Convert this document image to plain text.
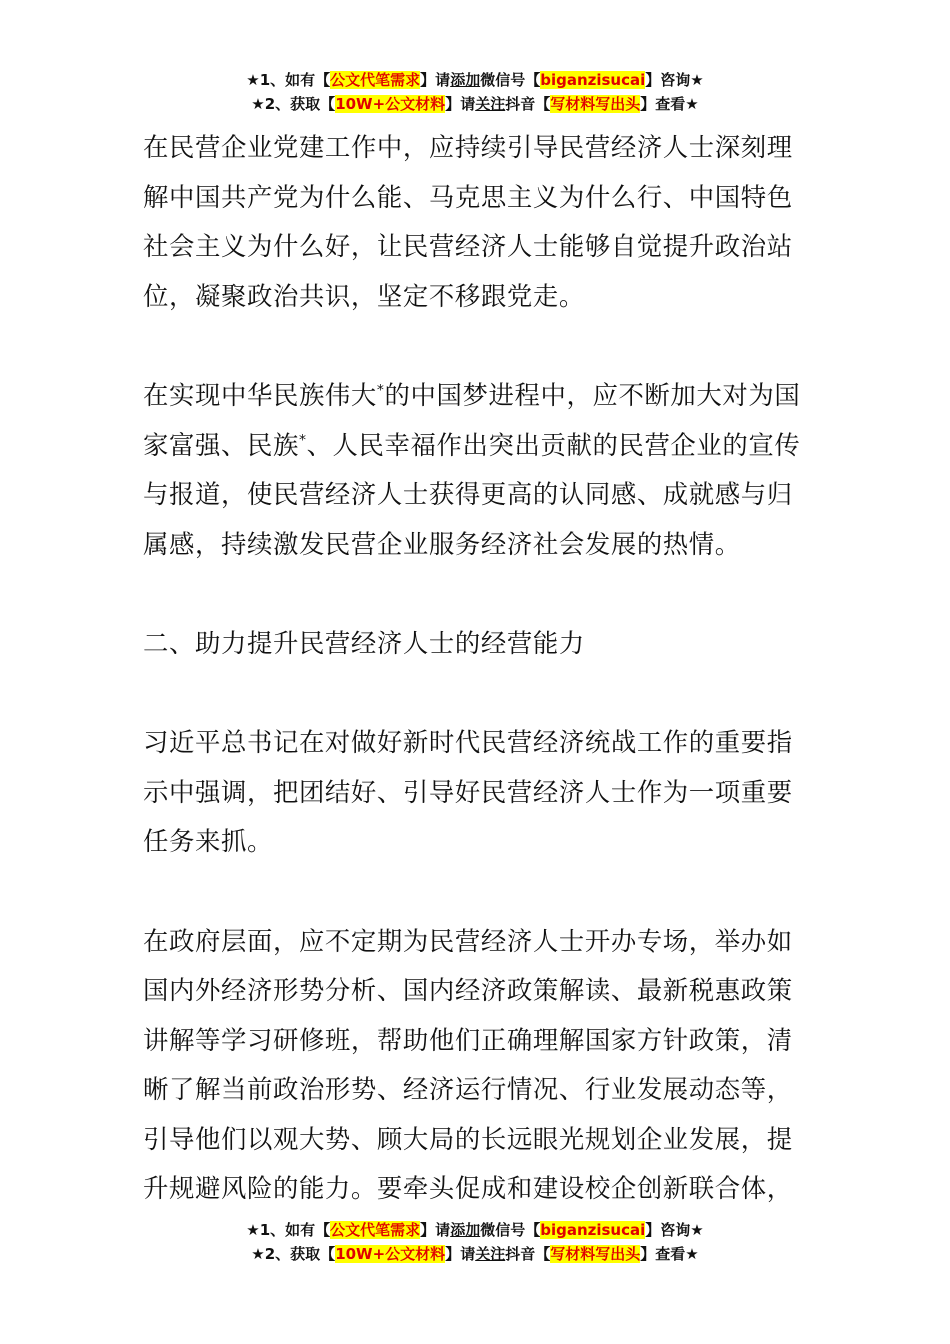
★1、如有【公文代笔需求】请添加微信号【biganzisucai】咨询★
★2、获取【10W+公文材料】请关注抖音【写材料写出头】查看★

在民营企业党建工作中，应持续引导民营经济人士深刻理
解中国共产党为什么能、马克思主义为什么行、中国特色
社会主义为什么好，让民营经济人士能够自觉提升政治站
位，凝聚政治共识，坚定不移跟党走。

在实现中华民族伟大*的中国梦进程中，应不断加大对为国
家富强、民族*、人民幸福作出突出贡献的民营企业的宣传
与报道，使民营经济人士获得更高的认同感、成就感与归
属感，持续激发民营企业服务经济社会发展的热情。

二、助力提升民营经济人士的经营能力

习近平总书记在对做好新时代民营经济统战工作的重要指
示中强调，把团结好、引导好民营经济人士作为一项重要
任务来抓。

在政府层面，应不定期为民营经济人士开办专场，举办如
国内外经济形势分析、国内经济政策解读、最新税惠政策
讲解等学习研修班，帮助他们正确理解国家方针政策，清
晰了解当前政治形势、经济运行情况、行业发展动态等，
引导他们以观大势、顾大局的长远眼光规划企业发展，提
升规避风险的能力。要牵头促成和建设校企创新联合体，

★1、如有【公文代笔需求】请添加微信号【biganzisucai】咨询★
★2、获取【10W+公文材料】请关注抖音【写材料写出头】查看★
